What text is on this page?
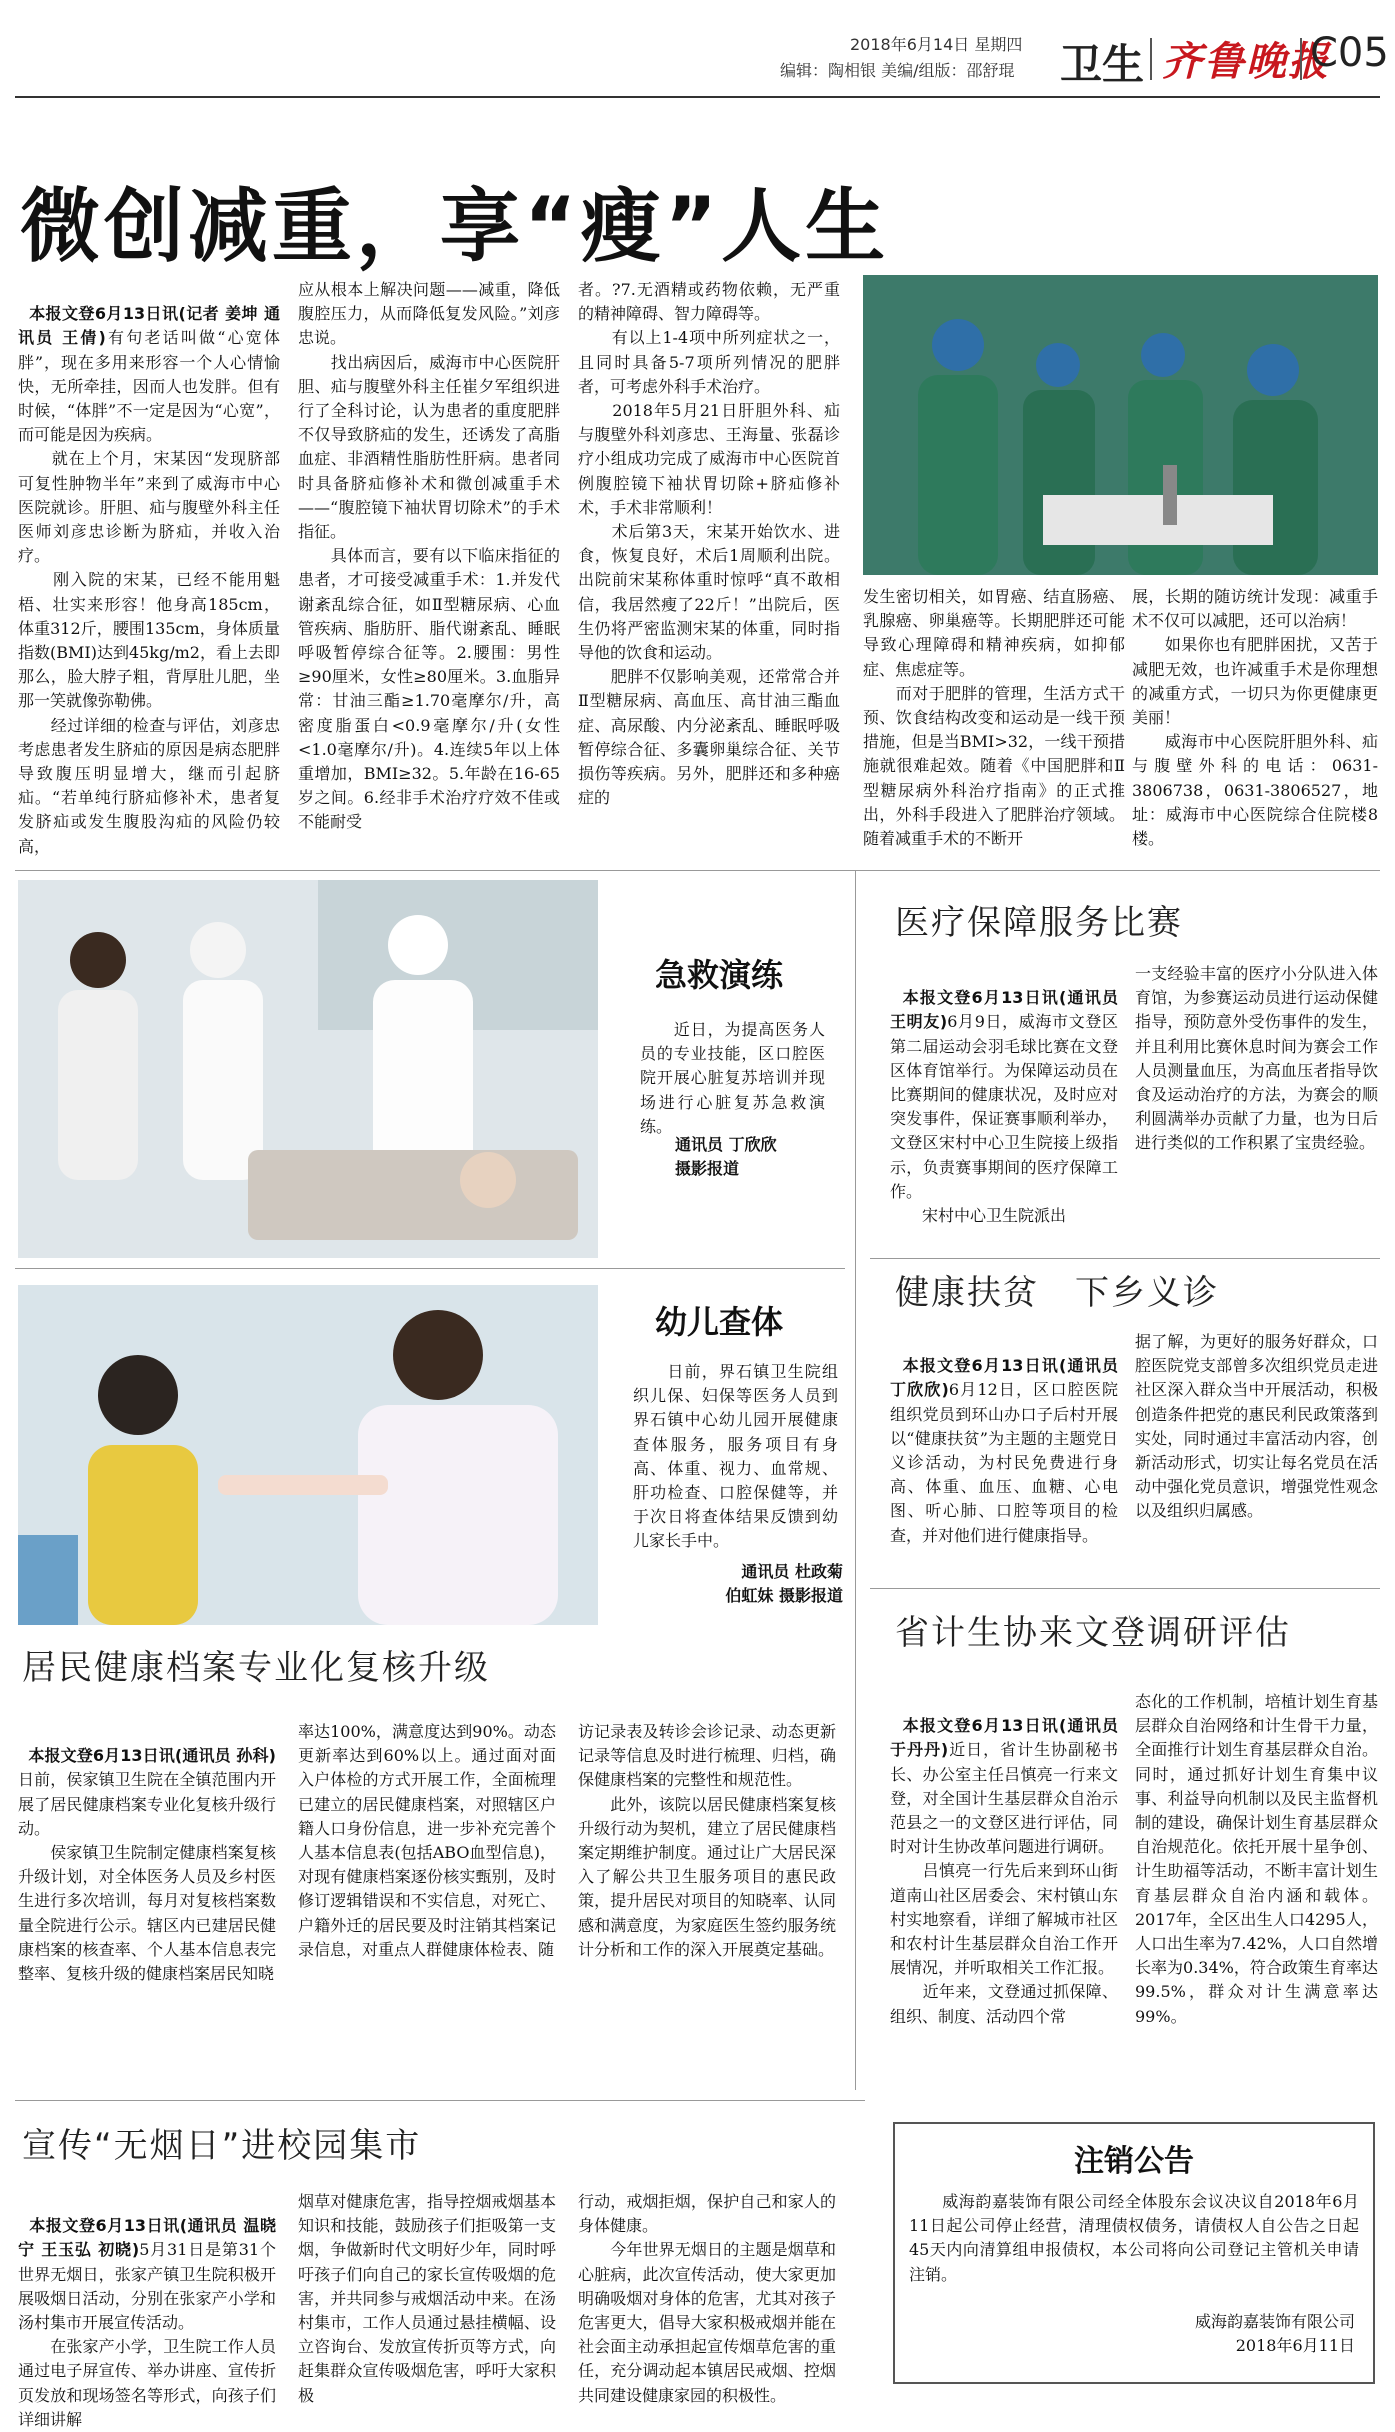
2018年6月14日 星期四
编辑：陶相银 美编/组版：邵舒琨 卫生 齐鲁晚报
C05
微创减重，享“瘦”人生

本报文登6月13日讯(记者 姜坤 通讯员 王倩)有句老话叫做“心宽体胖”，现在多用来形容一个人心情愉快，无所牵挂，因而人也发胖。但有时候，“体胖”不一定是因为“心宽”，而可能是因为疾病。
　　就在上个月，宋某因“发现脐部可复性肿物半年”来到了威海市中心医院就诊。肝胆、疝与腹壁外科主任医师刘彦忠诊断为脐疝，并收入治疗。
　　刚入院的宋某，已经不能用魁梧、壮实来形容！他身高185cm，体重312斤，腰围135cm，身体质量指数(BMI)达到45kg/m2，看上去即那么，脸大脖子粗，背厚肚儿肥，坐那一笑就像弥勒佛。
　　经过详细的检查与评估，刘彦忠考虑患者发生脐疝的原因是病态肥胖导致腹压明显增大，继而引起脐疝。“若单纯行脐疝修补术，患者复发脐疝或发生腹股沟疝的风险仍较高，

应从根本上解决问题——减重，降低腹腔压力，从而降低复发风险。”刘彦忠说。
　　找出病因后，威海市中心医院肝胆、疝与腹壁外科主任崔夕军组织进行了全科讨论，认为患者的重度肥胖不仅导致脐疝的发生，还诱发了高脂血症、非酒精性脂肪性肝病。患者同时具备脐疝修补术和微创减重手术——“腹腔镜下袖状胃切除术”的手术指征。
　　具体而言，要有以下临床指征的患者，才可接受减重手术：1.并发代谢紊乱综合征，如Ⅱ型糖尿病、心血管疾病、脂肪肝、脂代谢紊乱、睡眠呼吸暂停综合征等。2.腰围：男性≥90厘米，女性≥80厘米。3.血脂异常：甘油三酯≥1.70毫摩尔/升，高密度脂蛋白<0.9毫摩尔/升(女性<1.0毫摩尔/升)。4.连续5年以上体重增加，BMI≥32。5.年龄在16-65岁之间。6.经非手术治疗疗效不佳或不能耐受
者。?7.无酒精或药物依赖，无严重的精神障碍、智力障碍等。
　　有以上1-4项中所列症状之一，且同时具备5-7项所列情况的肥胖者，可考虑外科手术治疗。
　　2018年5月21日肝胆外科、疝与腹壁外科刘彦忠、王海量、张磊诊疗小组成功完成了威海市中心医院首例腹腔镜下袖状胃切除+脐疝修补术，手术非常顺利！
　　术后第3天，宋某开始饮水、进食，恢复良好，术后1周顺利出院。出院前宋某称体重时惊呼“真不敢相信，我居然瘦了22斤！”出院后，医生仍将严密监测宋某的体重，同时指导他的饮食和运动。
　　肥胖不仅影响美观，还常常合并Ⅱ型糖尿病、高血压、高甘油三酯血症、高尿酸、内分泌紊乱、睡眠呼吸暂停综合征、多囊卵巢综合征、关节损伤等疾病。另外，肥胖还和多种癌症的
发生密切相关，如胃癌、结直肠癌、乳腺癌、卵巢癌等。长期肥胖还可能导致心理障碍和精神疾病，如抑郁症、焦虑症等。
　　而对于肥胖的管理，生活方式干预、饮食结构改变和运动是一线干预措施，但是当BMI>32，一线干预措施就很难起效。随着《中国肥胖和Ⅱ型糖尿病外科治疗指南》的正式推出，外科手段进入了肥胖治疗领域。随着减重手术的不断开
展，长期的随访统计发现：减重手术不仅可以减肥，还可以治病！
　　如果你也有肥胖困扰，又苦于减肥无效，也许减重手术是你理想的减重方式，一切只为你更健康更美丽！
　　威海市中心医院肝胆外科、疝与腹壁外科的电话：0631-3806738，0631-3806527，地址：威海市中心医院综合住院楼8楼。
急救演练
　　近日，为提高医务人员的专业技能，区口腔医院开展心脏复苏培训并现场进行心脏复苏急救演练。
通讯员 丁欣欣
摄影报道
幼儿查体
　　日前，界石镇卫生院组织儿保、妇保等医务人员到界石镇中心幼儿园开展健康查体服务，服务项目有身高、体重、视力、血常规、肝功检查、口腔保健等，并于次日将查体结果反馈到幼儿家长手中。
通讯员 杜政菊
伯虹妹 摄影报道
医疗保障服务比赛

本报文登6月13日讯(通讯员 王明友)6月9日，威海市文登区第二届运动会羽毛球比赛在文登区体育馆举行。为保障运动员在比赛期间的健康状况，及时应对突发事件，保证赛事顺利举办，文登区宋村中心卫生院接上级指示，负责赛事期间的医疗保障工作。
　　宋村中心卫生院派出

一支经验丰富的医疗小分队进入体育馆，为参赛运动员进行运动保健指导，预防意外受伤事件的发生，并且利用比赛休息时间为赛会工作人员测量血压，为高血压者指导饮食及运动治疗的方法，为赛会的顺利圆满举办贡献了力量，也为日后进行类似的工作积累了宝贵经验。
健康扶贫　下乡义诊

本报文登6月13日讯(通讯员 丁欣欣)6月12日，区口腔医院组织党员到环山办口子后村开展以“健康扶贫”为主题的主题党日义诊活动，为村民免费进行身高、体重、血压、血糖、心电图、听心肺、口腔等项目的检查，并对他们进行健康指导。

据了解，为更好的服务好群众，口腔医院党支部曾多次组织党员走进社区深入群众当中开展活动，积极创造条件把党的惠民利民政策落到实处，同时通过丰富活动内容，创新活动形式，切实让每名党员在活动中强化党员意识，增强党性观念以及组织归属感。
省计生协来文登调研评估

本报文登6月13日讯(通讯员 于丹丹)近日，省计生协副秘书长、办公室主任吕慎亮一行来文登，对全国计生基层群众自治示范县之一的文登区进行评估，同时对计生协改革问题进行调研。
　　吕慎亮一行先后来到环山街道南山社区居委会、宋村镇山东村实地察看，详细了解城市社区和农村计生基层群众自治工作开展情况，并听取相关工作汇报。
　　近年来，文登通过抓保障、组织、制度、活动四个常

态化的工作机制，培植计划生育基层群众自治网络和计生骨干力量，全面推行计划生育基层群众自治。同时，通过抓好计划生育集中议事、利益导向机制以及民主监督机制的建设，确保计划生育基层群众自治规范化。依托开展十星争创、计生助福等活动，不断丰富计划生育基层群众自治内涵和载体。2017年，全区出生人口4295人，人口出生率为7.42%，人口自然增长率为0.34%，符合政策生育率达99.5%，群众对计生满意率达99%。
居民健康档案专业化复核升级

本报文登6月13日讯(通讯员 孙科)日前，侯家镇卫生院在全镇范围内开展了居民健康档案专业化复核升级行动。
　　侯家镇卫生院制定健康档案复核升级计划，对全体医务人员及乡村医生进行多次培训，每月对复核档案数量全院进行公示。辖区内已建居民健康档案的核查率、个人基本信息表完整率、复核升级的健康档案居民知晓

率达100%，满意度达到90%。动态更新率达到60%以上。通过面对面入户体检的方式开展工作，全面梳理已建立的居民健康档案，对照辖区户籍人口身份信息，进一步补充完善个人基本信息表(包括ABO血型信息)，对现有健康档案逐份核实甄别，及时修订逻辑错误和不实信息，对死亡、户籍外迁的居民要及时注销其档案记录信息，对重点人群健康体检表、随
访记录表及转诊会诊记录、动态更新记录等信息及时进行梳理、归档，确保健康档案的完整性和规范性。
　　此外，该院以居民健康档案复核升级行动为契机，建立了居民健康档案定期维护制度。通过让广大居民深入了解公共卫生服务项目的惠民政策，提升居民对项目的知晓率、认同感和满意度，为家庭医生签约服务统计分析和工作的深入开展奠定基础。
宣传“无烟日”进校园集市

本报文登6月13日讯(通讯员 温晓宁 王玉弘 初晓)5月31日是第31个世界无烟日，张家产镇卫生院积极开展吸烟日活动，分别在张家产小学和汤村集市开展宣传活动。
　　在张家产小学，卫生院工作人员通过电子屏宣传、举办讲座、宣传折页发放和现场签名等形式，向孩子们详细讲解

烟草对健康危害，指导控烟戒烟基本知识和技能，鼓励孩子们拒吸第一支烟，争做新时代文明好少年，同时呼吁孩子们向自己的家长宣传吸烟的危害，并共同参与戒烟活动中来。在汤村集市，工作人员通过悬挂横幅、设立咨询台、发放宣传折页等方式，向赶集群众宣传吸烟危害，呼吁大家积极
行动，戒烟拒烟，保护自己和家人的身体健康。
　　今年世界无烟日的主题是烟草和心脏病，此次宣传活动，使大家更加明确吸烟对身体的危害，尤其对孩子危害更大，倡导大家积极戒烟并能在社会面主动承担起宣传烟草危害的重任，充分调动起本镇居民戒烟、控烟共同建设健康家园的积极性。
注销公告
　　威海韵嘉装饰有限公司经全体股东会议决议自2018年6月11日起公司停止经营，清理债权债务，请债权人自公告之日起45天内向清算组申报债权，本公司将向公司登记主管机关申请注销。
威海韵嘉装饰有限公司
2018年6月11日
